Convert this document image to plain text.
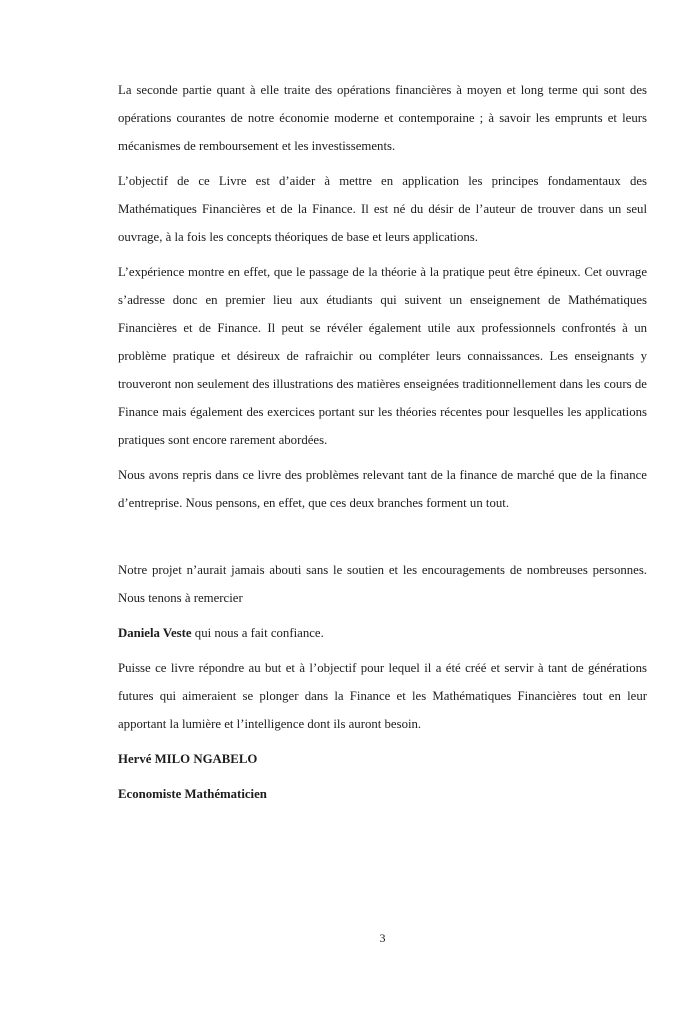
La seconde partie quant à elle traite des opérations financières à moyen et long terme qui sont des opérations courantes de notre économie moderne et contemporaine ; à savoir les emprunts et leurs mécanismes de remboursement et les investissements.

L’objectif de ce Livre est d’aider à mettre en application les principes fondamentaux des Mathématiques Financières et de la Finance. Il est né du désir de l’auteur de trouver dans un seul ouvrage, à la fois les concepts théoriques de base et leurs applications.

L’expérience montre en effet, que le passage de la théorie à la pratique peut être épineux. Cet ouvrage s’adresse donc en premier lieu aux étudiants qui suivent un enseignement de Mathématiques Financières et de Finance. Il peut se révéler également utile aux professionnels confrontés à un problème pratique et désireux de rafraichir ou compléter leurs connaissances. Les enseignants y trouveront non seulement des illustrations des matières enseignées traditionnellement dans les cours de Finance mais également des exercices portant sur les théories récentes pour lesquelles les applications pratiques sont encore rarement abordées.

Nous avons repris dans ce livre des problèmes relevant tant de la finance de marché que de la finance d’entreprise. Nous pensons, en effet, que ces deux branches forment un tout.

Notre projet n’aurait jamais abouti sans le soutien et les encouragements de nombreuses personnes. Nous tenons à remercier

Daniela Veste qui nous a fait confiance.

Puisse ce livre répondre au but et à l’objectif pour lequel il a été créé et servir à tant de générations futures qui aimeraient se plonger dans la Finance et les Mathématiques Financières tout en leur apportant la lumière et l’intelligence dont ils auront besoin.

Hervé MILO NGABELO

Economiste Mathématicien

3
